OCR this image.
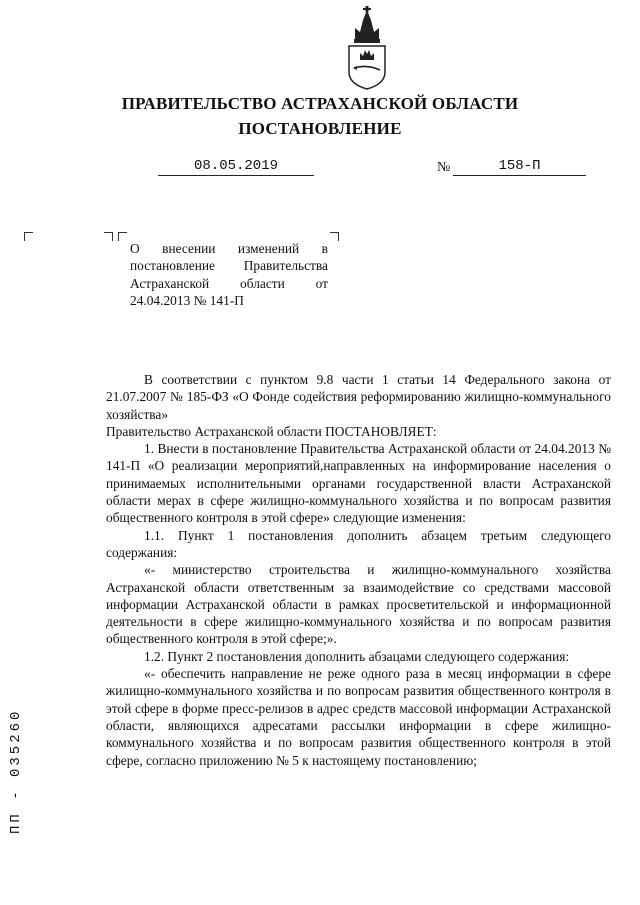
ПРАВИТЕЛЬСТВО АСТРАХАНСКОЙ ОБЛАСТИ
ПОСТАНОВЛЕНИЕ
08.05.2019	№	158-П
О внесении изменений в постановление Правительства Астраханской области от 24.04.2013 № 141-П

В соответствии с пунктом 9.8 части 1 статьи 14 Федерального закона от 21.07.2007 № 185-ФЗ «О Фонде содействия реформированию жилищно-коммунального хозяйства»

Правительство Астраханской области ПОСТАНОВЛЯЕТ:

1. Внести в постановление Правительства Астраханской области от 24.04.2013 № 141-П «О реализации мероприятий,направленных на информирование населения о принимаемых исполнительными органами государственной власти Астраханской области мерах в сфере жилищно-коммунального хозяйства и по вопросам развития общественного контроля в этой сфере» следующие изменения:

1.1. Пункт 1 постановления дополнить абзацем третьим следующего содержания:

«- министерство строительства и жилищно-коммунального хозяйства Астраханской области ответственным за взаимодействие со средствами массовой информации Астраханской области в рамках просветительской и информационной деятельности в сфере жилищно-коммунального хозяйства и по вопросам развития общественного контроля в этой сфере;».

1.2. Пункт 2 постановления дополнить абзацами следующего содержания:

«- обеспечить направление не реже одного раза в месяц информации в сфере жилищно-коммунального хозяйства и по вопросам развития общественного контроля в этой сфере в форме пресс-релизов в адрес средств массовой информации Астраханской области, являющихся адресатами рассылки информации в сфере жилищно-коммунального хозяйства и по вопросам развития общественного контроля в этой сфере, согласно приложению № 5 к настоящему постановлению;

ПП - 035260
